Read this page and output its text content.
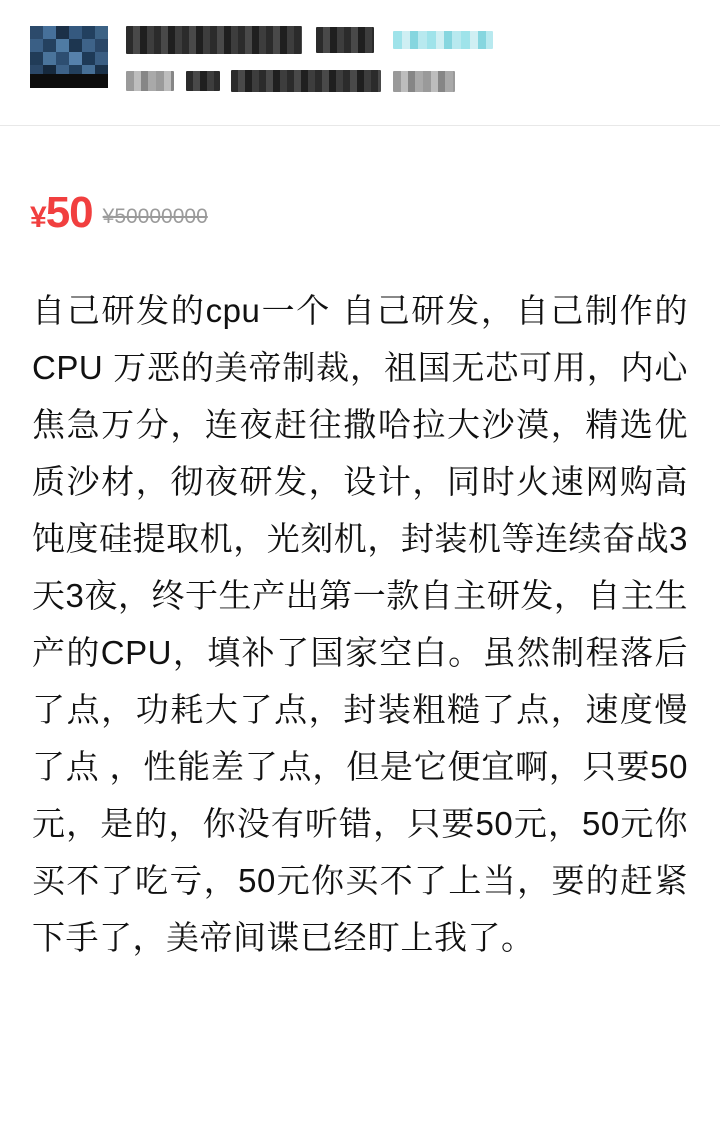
¥50 ¥50000000
自己研发的cpu一个 自己研发，自己制作的CPU 万恶的美帝制裁，祖国无芯可用，内心焦急万分，连夜赶往撒哈拉大沙漠，精选优质沙材，彻夜研发，设计，同时火速网购高饨度硅提取机，光刻机，封装机等连续奋战3天3夜，终于生产出第一款自主研发，自主生产的CPU，填补了国家空白。虽然制程落后了点，功耗大了点，封装粗糙了点，速度慢了点 ，性能差了点，但是它便宜啊，只要50元，是的，你没有听错，只要50元，50元你买不了吃亏，50元你买不了上当，要的赶紧下手了，美帝间谍已经盯上我了。
